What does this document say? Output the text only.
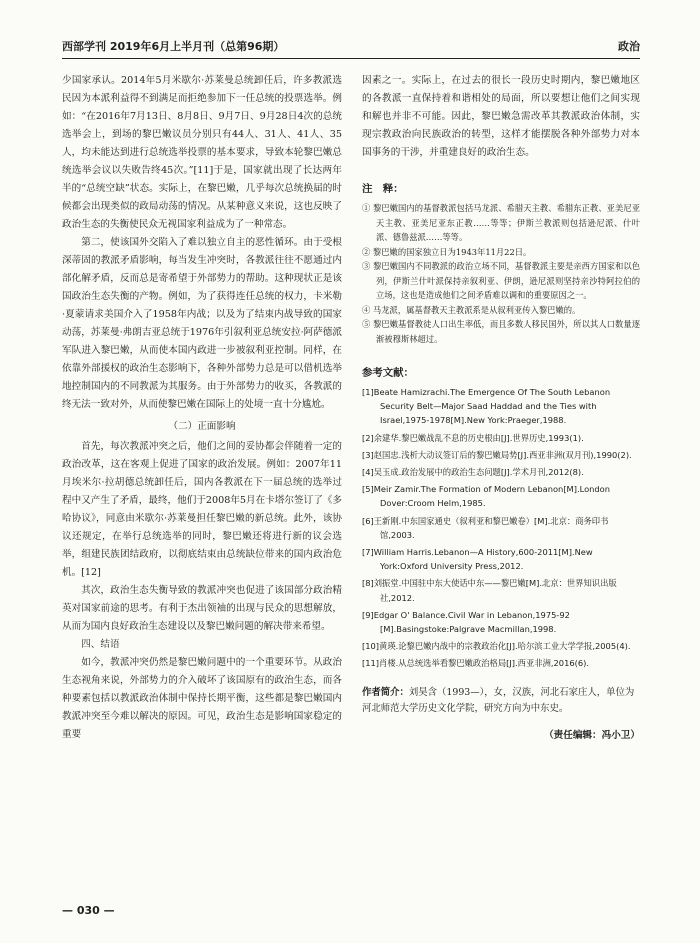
西部学刊 2019年6月上半月刊（总第96期）	政治

少国家承认。2014年5月米歇尔·苏莱曼总统卸任后，许多教派选民因为本派利益得不到满足而拒绝参加下一任总统的投票选举。例如：“在2016年7月13日、8月8日、9月7日、9月28日4次的总统选举会上，到场的黎巴嫩议员分别只有44人、31人、41人、35人，均未能达到进行总统选举投票的基本要求，导致本轮黎巴嫩总统选举会议以失败告终45次。”[11]于是，国家就出现了长达两年半的“总统空缺”状态。实际上，在黎巴嫩，几乎每次总统换届的时候都会出现类似的政局动荡的情况。从某种意义来说，这也反映了政治生态的失衡使民众无视国家利益成为了一种常态。

第二，使该国外交陷入了难以独立自主的恶性循环。由于受根深蒂固的教派矛盾影响，每当发生冲突时，各教派往往不愿通过内部化解矛盾，反而总是寄希望于外部势力的帮助。这种现状正是该国政治生态失衡的产物。例如，为了获得连任总统的权力，卡米勒·夏蒙请求美国介入了1958年内战；以及为了结束内战导致的国家动荡，苏莱曼·弗朗吉亚总统于1976年引叙利亚总统安拉·阿萨德派军队进入黎巴嫩，从而使本国内政进一步被叙利亚控制。同样，在依靠外部援权的政治生态影响下，各种外部势力总是可以借机选举地控制国内的不同教派为其服务。由于外部势力的收买，各教派的终无法一致对外，从而使黎巴嫩在国际上的处境一直十分尴尬。

（二）正面影响

首先，每次教派冲突之后，他们之间的妥协都会伴随着一定的政治改革，这在客观上促进了国家的政治发展。例如：2007年11月埃米尔·拉胡德总统卸任后，国内各教派在下一届总统的选举过程中又产生了矛盾，最终，他们于2008年5月在卡塔尔签订了《多哈协议》，同意由米歇尔·苏莱曼担任黎巴嫩的新总统。此外，该协议还规定，在举行总统选举的同时，黎巴嫩还将进行新的议会选举，组建民族团结政府，以彻底结束由总统缺位带来的国内政治危机。[12]

其次，政治生态失衡导致的教派冲突也促进了该国部分政治精英对国家前途的思考。有利于杰出领袖的出现与民众的思想解放，从而为国内良好政治生态建设以及黎巴嫩问题的解决带来希望。

四、结语

如今，教派冲突仍然是黎巴嫩问题中的一个重要环节。从政治生态视角来说，外部势力的介入破坏了该国原有的政治生态，而各种要素包括以教派政治体制中保持长期平衡，这些都是黎巴嫩国内教派冲突至今难以解决的原因。可见，政治生态是影响国家稳定的重要

因素之一。实际上，在过去的很长一段历史时期内，黎巴嫩地区的各教派一直保持着和谐相处的局面，所以要想让他们之间实现和解也并非不可能。因此，黎巴嫩急需改革其教派政治体制，实现宗教政治向民族政治的转型，这样才能摆脱各种外部势力对本国事务的干涉，并重建良好的政治生态。

注　释：
① 黎巴嫩国内的基督教派包括马龙派、希腊天主教、希腊东正教、亚美尼亚天主教、亚美尼亚东正教……等等；伊斯兰教派则包括逊尼派、什叶派、德鲁兹派……等等。
② 黎巴嫩的国家独立日为1943年11月22日。
③ 黎巴嫩国内不同教派的政治立场不同，基督教派主要是亲西方国家和以色列，伊斯兰什叶派保持亲叙利亚、伊朗，逊尼派则坚持亲沙特阿拉伯的立场，这也是造成他们之间矛盾难以调和的重要原因之一。
④ 马龙派，属基督教天主教派系是从叙利亚传入黎巴嫩的。
⑤ 黎巴嫩基督教徒人口出生率低，而且多数人移民国外，所以其人口数量逐渐被穆斯林超过。
参考文献：
[1]Beate Hamizrachi.The Emergence Of The South Lebanon Security Belt—Major Saad Haddad and the Ties with Israel,1975-1978[M].New York:Praeger,1988.
[2]余建华.黎巴嫩战乱不息的历史根由[J].世界历史,1993(1).
[3]赵国忠.浅析大动议签订后的黎巴嫩局势[J].西亚非洲(双月刊),1990(2).
[4]吴玉成.政治发展中的政治生态问题[J].学术月刊,2012(8).
[5]Meir Zamir.The Formation of Modern Lebanon[M].London Dover:Croom Helm,1985.
[6]王新刚.中东国家通史（叙利亚和黎巴嫩卷）[M].北京：商务印书馆,2003.
[7]William Harris.Lebanon—A History,600-2011[M].New York:Oxford University Press,2012.
[8]刘振堂.中国驻中东大使话中东——黎巴嫩[M].北京：世界知识出版社,2012.
[9]Edgar O' Balance.Civil War in Lebanon,1975-92 [M].Basingstoke:Palgrave Macmillan,1998.
[10]黄瑛.论黎巴嫩内战中的宗教政治化[J].哈尔滨工业大学学报,2005(4).
[11]肖楼.从总统选举看黎巴嫩政治格局[J].西亚非洲,2016(6).
作者简介：刘昊含（1993—），女，汉族，河北石家庄人，单位为河北师范大学历史文化学院，研究方向为中东史。
（责任编辑：冯小卫）
— 030 —
